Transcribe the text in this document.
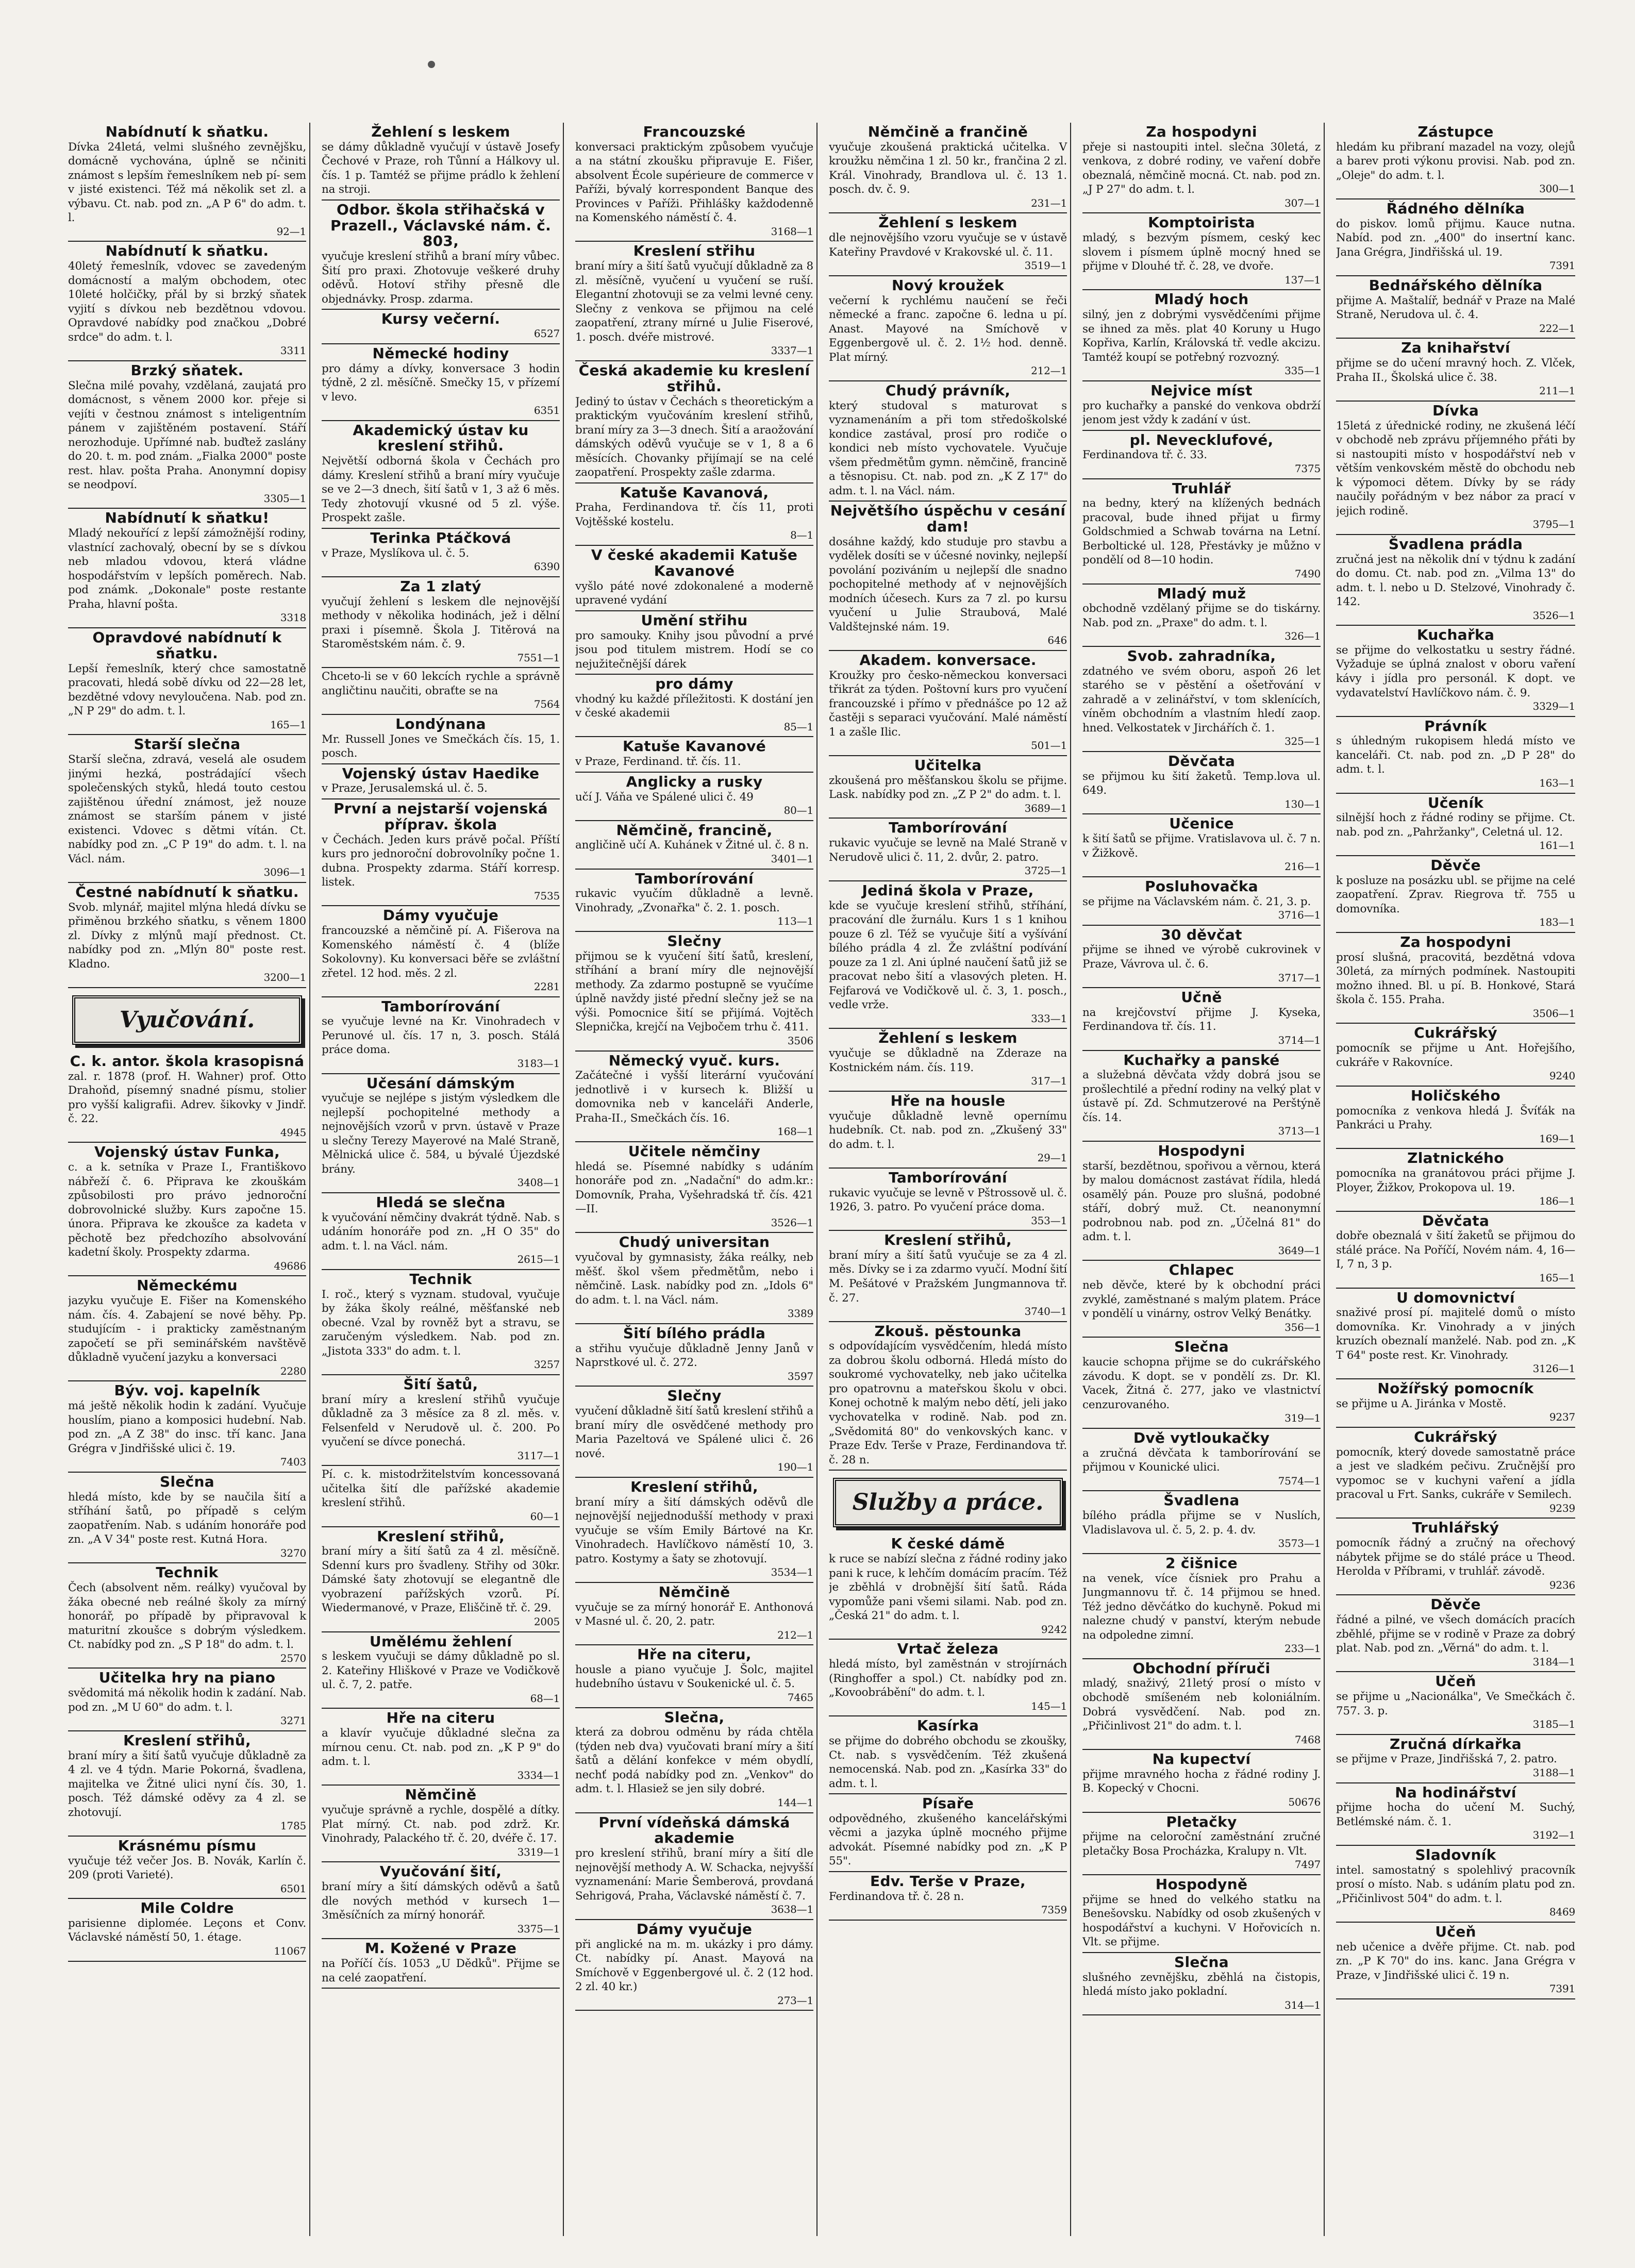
Nabídnutí k sňatku.
Dívka 24letá, velmi slušného zevnějšku, domácně vychována, úplně se nčiniti známost s lepším řemeslníkem neb pí- sem v jisté existenci. Též má několik set zl. a výbavu. Ct. nab. pod zn. „A P 6" do adm. t. l.
92—1
Nabídnutí k sňatku.
40letý řemeslník, vdovec se zavedeným domácností a malým obchodem, otec 10leté holčičky, přál by si brzký sňatek vyjití s dívkou neb bezdětnou vdovou. Opravdové nabídky pod značkou „Dobré srdce" do adm. t. l.
3311
Brzký sňatek.
Slečna milé povahy, vzdělaná, zaujatá pro domácnost, s věnem 2000 kor. přeje si vejíti v čestnou známost s inteligentním pánem v zajištěném postavení. Stáří nerozhoduje. Upřímné nab. buďtež zaslány do 20. t. m. pod znám. „Fialka 2000" poste rest. hlav. pošta Praha. Anonymní dopisy se neodpoví.
3305—1
Nabídnutí k sňatku!
Mladý nekouřící z lepší zámožnější rodiny, vlastnící zachovalý, obecní by se s dívkou neb mladou vdovou, která vládne hospodářstvím v lepších poměrech. Nab. pod známk. „Dokonale" poste restante Praha, hlavní pošta.
3318
Opravdové nabídnutí k sňatku.
Lepší řemeslník, který chce samostatně pracovati, hledá sobě dívku od 22—28 let, bezdětné vdovy nevyloučena. Nab. pod zn. „N P 29" do adm. t. l.
165—1
Starší slečna
Starší slečna, zdravá, veselá ale osudem jinými hezká, postrádající všech společenských styků, hledá touto cestou zajištěnou úřední známost, jež nouze známost se starším pánem v jisté existenci. Vdovec s dětmi vítán. Ct. nabídky pod zn. „C P 19" do adm. t. l. na Václ. nám.
3096—1
Čestné nabídnutí k sňatku.
Svob. mlynář, majitel mlýna hledá dívku se přiměnou brzkého sňatku, s věnem 1800 zl. Dívky z mlýnů mají přednost. Ct. nabídky pod zn. „Mlýn 80" poste rest. Kladno.
3200—1
Vyučování.
C. k. antor. škola krasopisná
zal. r. 1878 (prof. H. Wahner) prof. Otto Drahoňd, písemný snadné písmu, stolier pro vyšší kaligrafii. Adrev. šikovky v Jindř. č. 22.
4945
Vojenský ústav Funka,
c. a k. setníka v Praze I., Františkovo nábřeží č. 6. Připrava ke zkouškám způsobilosti pro právo jednoroční dobrovolnické služby. Kurs započne 15. února. Připrava ke zkoušce za kadeta v pěchotě bez předchozího absolvování kadetní školy. Prospekty zdarma.
49686
Německému
jazyku vyučuje E. Fišer na Komenského nám. čís. 4. Zabajení se nové běhy. Pp. studujícím - i prakticky zaměstnaným započetí se při seminářském navštěvě důkladně vyučení jazyku a konversaci
2280
Býv. voj. kapelník
má ještě několik hodin k zadání. Vyučuje houslím, piano a komposici hudební. Nab. pod zn. „A Z 38" do insc. tří kanc. Jana Grégra v Jindřišské ulici č. 19.
7403
Slečna
hledá místo, kde by se naučila šití a stříhání šatů, po případě s celým zaopatřením. Nab. s udáním honoráře pod zn. „A V 34" poste rest. Kutná Hora.
3270
Technik
Čech (absolvent něm. reálky) vyučoval by žáka obecné neb reálné školy za mírný honorář, po případě by připravoval k maturitní zkoušce s dobrým výsledkem. Ct. nabídky pod zn. „S P 18" do adm. t. l.
2570
Učitelka hry na piano
svědomitá má několik hodin k zadání. Nab. pod zn. „M U 60" do adm. t. l.
3271
Kreslení střihů,
braní míry a šití šatů vyučuje důkladně za 4 zl. ve 4 týdn. Marie Pokorná, švadlena, majitelka ve Žitné ulici nyní čís. 30, 1. posch. Též dámské oděvy za 4 zl. se zhotovují.
1785
Krásnému písmu
vyučuje též večer Jos. B. Novák, Karlín č. 209 (proti Varieté).
6501
Mile Coldre
parisienne diplomée. Leçons et Conv. Václavské náměstí 50, 1. étage.
11067
Žehlení s leskem
se dámy důkladně vyučují v ústavě Josefy Čechové v Praze, roh Tůnní a Hálkovy ul. čís. 1 p. Tamtéž se přijme prádlo k žehlení na stroji.
Odbor. škola střihačská v Prazell., Václavské nám. č. 803,
vyučuje kreslení střihů a braní míry vůbec. Šití pro praxi. Zhotovuje veškeré druhy oděvů. Hotoví střihy přesně dle objednávky. Prosp. zdarma.
Kursy večerní.
6527
Německé hodiny
pro dámy a dívky, konversace 3 hodin týdně, 2 zl. měsíčně. Smečky 15, v přízemí v levo.
6351
Akademický ústav ku kreslení střihů.
Největší odborná škola v Čechách pro dámy. Kreslení střihů a braní míry vyučuje se ve 2—3 dnech, šití šatů v 1, 3 až 6 měs. Tedy zhotovují vkusné od 5 zl. výše. Prospekt zašle.
Terinka Ptáčková
v Praze, Myslíkova ul. č. 5.
6390
Za 1 zlatý
vyučují žehlení s leskem dle nejnovější methody v několika hodinách, jež i dělní praxi i písemně. Škola J. Titěrová na Staroměstském nám. č. 9.
7551—1
Chceto-li se v 60 lekcích rychle a správně angličtinu naučiti, obraťte se na
7564
Londýnana
Mr. Russell Jones ve Smečkách čís. 15, 1. posch.
Vojenský ústav Haedike
v Praze, Jerusalemská ul. č. 5.
První a nejstarší vojenská příprav. škola
v Čechách. Jeden kurs právě počal. Příští kurs pro jednoroční dobrovolníky počne 1. dubna. Prospekty zdarma. Stáří korresp. listek.
7535
Dámy vyučuje
francouzské a němčině pí. A. Fišerova na Komenského náměstí č. 4 (blíže Sokolovny). Ku konversaci běře se zvláštní zřetel. 12 hod. měs. 2 zl.
2281
Tamborírování
se vyučuje levné na Kr. Vinohradech v Perunové ul. čís. 17 n, 3. posch. Stálá práce doma.
3183—1
Učesání dámským
vyučuje se nejlépe s jistým výsledkem dle nejlepší pochopitelné methody a nejnovějších vzorů v prvn. ústavě v Praze u slečny Terezy Mayerové na Malé Straně, Mělnická ulice č. 584, u bývalé Újezdské brány.
3408—1
Hledá se slečna
k vyučování němčiny dvakrát týdně. Nab. s udáním honoráře pod zn. „H O 35" do adm. t. l. na Václ. nám.
2615—1
Technik
I. roč., který s vyznam. studoval, vyučuje by žáka školy reálné, měšťanské neb obecné. Vzal by rovněž byt a stravu, se zaručeným výsledkem. Nab. pod zn. „Jistota 333" do adm. t. l.
3257
Šití šatů,
braní míry a kreslení střihů vyučuje důkladně za 3 měsíce za 8 zl. měs. v. Felsenfeld v Nerudově ul. č. 200. Po vyučení se dívce ponechá.
3117—1
Pí. c. k. mistodržitelstvím koncessovaná učitelka šití dle pařížské akademie kreslení střihů.
60—1
Kreslení střihů,
braní míry a šití šatů za 4 zl. měsíčně. Sdenní kurs pro švadleny. Střihy od 30kr. Dámské šaty zhotovují se elegantně dle vyobrazení pařížských vzorů. Pí. Wiedermanové, v Praze, Eliščině tř. č. 29.
2005
Umělému žehlení
s leskem vyučuji se dámy důkladně po sl. 2. Kateřiny Hliškové v Praze ve Vodičkově ul. č. 7, 2. patře.
68—1
Hře na citeru
a klavír vyučuje důkladné slečna za mírnou cenu. Ct. nab. pod zn. „K P 9" do adm. t. l.
3334—1
Němčině
vyučuje správně a rychle, dospělé a dítky. Plat mírný. Ct. nab. pod zdrž. Kr. Vinohrady, Palackého tř. č. 20, dvéře č. 17.
3319—1
Vyučování šití,
braní míry a šití dámských oděvů a šatů dle nových methód v kursech 1—3měsíčních za mírný honorář.
3375—1
M. Kožené v Praze
na Poříčí čís. 1053 „U Dědků". Přijme se na celé zaopatření.
Francouzské
konversaci praktickým způsobem vyučuje a na státní zkoušku připravuje E. Fišer, absolvent École supérieure de commerce v Paříži, bývalý korrespondent Banque des Provinces v Paříži. Přihlášky každodenně na Komenského náměstí č. 4.
3168—1
Kreslení střihu
braní míry a šití šatů vyučují důkladně za 8 zl. měsíčně, vyučení u vyučení se ruší. Elegantní zhotovuji se za velmi levné ceny. Slečny z venkova se přijmou na celé zaopatření, ztrany mírné u Julie Fiserové, 1. posch. dvéře mistrové.
3337—1
Česká akademie ku kreslení střihů.
Jediný to ústav v Čechách s theoretickým a praktickým vyučováním kreslení střihů, braní míry za 3—3 dnech. Šití a araožování dámských oděvů vyučuje se v 1, 8 a 6 měsících. Chovanky přijímají se na celé zaopatření. Prospekty zašle zdarma.
Katuše Kavanová,
Praha, Ferdinandova tř. čís 11, proti Vojtěšské kostelu.
8—1
V české akademii Katuše Kavanové
vyšlo páté nové zdokonalené a moderně upravené vydání
Umění střihu
pro samouky. Knihy jsou původní a prvé jsou pod titulem mistrem. Hodí se co nejužitečnější dárek
pro dámy
vhodný ku každé příležitosti. K dostání jen v české akademii
85—1
Katuše Kavanové
v Praze, Ferdinand. tř. čís. 11.
Anglicky a rusky
učí J. Váňa ve Spálené ulici č. 49
80—1
Němčině, francině,
angličině učí A. Kuhánek v Žitné ul. č. 8 n.
3401—1
Tamborírování
rukavic vyučím důkladně a levně. Vinohrady, „Zvonařka" č. 2. 1. posch.
113—1
Slečny
přijmou se k vyučení šití šatů, kreslení, stříhání a braní míry dle nejnovější methody. Za zdarmo postupně se vyučíme úplně navždy jisté přední slečny jež se na výši. Pomocnice šití se přijímá. Vojtěch Slepnička, krejčí na Vejbočem trhu č. 411.
3506
Německý vyuč. kurs.
Začátečné i vyšší literární vyučování jednotlivě i v kursech k. Bližší u domovnika neb v kanceláři Anderle, Praha-II., Smečkách čís. 16.
168—1
Učitele němčiny
hledá se. Písemné nabídky s udáním honoráře pod zn. „Nadační" do adm.kr.: Domovník, Praha, Vyšehradská tř. čís. 421—II.
3526—1
Chudý universitan
vyučoval by gymnasisty, žáka reálky, neb měšť. škol všem předmětům, nebo i němčině. Lask. nabídky pod zn. „Idols 6" do adm. t. l. na Václ. nám.
3389
Šití bílého prádla
a střihu vyučuje důkladně Jenny Janů v Naprstkové ul. č. 272.
3597
Slečny
vyučení důkladně šití šatů kreslení střihů a braní míry dle osvědčené methody pro Maria Pazeltová ve Spálené ulici č. 26 nové.
190—1
Kreslení střihů,
braní míry a šití dámských oděvů dle nejnovější nejjednodušší methody v praxi vyučuje se vším Emily Bártové na Kr. Vinohradech. Havlíčkovo náměstí 10, 3. patro. Kostymy a šaty se zhotovují.
3534—1
Němčině
vyučuje se za mírný honorář E. Anthonová v Masné ul. č. 20, 2. patr.
212—1
Hře na citeru,
housle a piano vyučuje J. Šolc, majitel hudebního ústavu v Soukenické ul. č. 5.
7465
Slečna,
která za dobrou odměnu by ráda chtěla (týden neb dva) vyučovati braní míry a šití šatů a dělání konfekce v mém obydlí, nechť podá nabídky pod zn. „Venkov" do adm. t. l. Hlasiež se jen sily dobré.
144—1
První vídeňská dámská akademie
pro kreslení střihů, braní míry a šití dle nejnovější methody A. W. Schacka, nejvyšší vyznamenání: Marie Šemberová, provdaná Sehrigová, Praha, Václavské náměstí č. 7.
3638—1
Dámy vyučuje
při anglické na m. m. ukázky i pro dámy. Ct. nabídky pí. Anast. Mayová na Smíchově v Eggenbergové ul. č. 2 (12 hod. 2 zl. 40 kr.)
273—1
Němčině a frančině
vyučuje zkoušená praktická učitelka. V kroužku němčina 1 zl. 50 kr., frančina 2 zl. Král. Vinohrady, Brandlova ul. č. 13 1. posch. dv. č. 9.
231—1
Žehlení s leskem
dle nejnovějšího vzoru vyučuje se v ústavě Kateřiny Pravdové v Krakovské ul. č. 11.
3519—1
Nový kroužek
večerní k rychlému naučení se řeči německé a franc. započne 6. ledna u pí. Anast. Mayové na Smíchově v Eggenbergově ul. č. 2. 1½ hod. denně. Plat mírný.
212—1
Chudý právník,
který studoval s maturovat s vyznamenáním a při tom středoškolské kondice zastával, prosí pro rodiče o kondici neb místo vychovatele. Vyučuje všem předmětům gymn. němčině, francině a těsnopisu. Ct. nab. pod zn. „K Z 17" do adm. t. l. na Václ. nám.
Největšího úspěchu v cesání dam!
dosáhne každý, kdo studuje pro stavbu a vydělek dosíti se v účesné novinky, nejlepší povolání poziváním u nejlepší dle snadno pochopitelné methody ať v nejnovějších modních účesech. Kurs za 7 zl. po kursu vyučení u Julie Straubová, Malé Valdštejnské nám. 19.
646
Akadem. konversace.
Kroužky pro česko-německou konversaci třikrát za týden. Poštovní kurs pro vyučení francouzské i přímo v přednášce po 12 až častěji s separaci vyučování. Malé náměstí 1 a zašle Ilic.
501—1
Učitelka
zkoušená pro měšťanskou školu se přijme. Lask. nabídky pod zn. „Z P 2" do adm. t. l.
3689—1
Tamborírování
rukavic vyučuje se levně na Malé Straně v Nerudově ulici č. 11, 2. dvůr, 2. patro.
3725—1
Jediná škola v Praze,
kde se vyučuje kreslení střihů, stříhání, pracování dle žurnálu. Kurs 1 s 1 knihou pouze 6 zl. Též se vyučuje šití a vyšívání bílého prádla 4 zl. Že zvláštní podívání pouze za 1 zl. Ani úplné naučení šatů již se pracovat nebo šití a vlasových pleten. H. Fejfarová ve Vodičkově ul. č. 3, 1. posch., vedle vrže.
333—1
Žehlení s leskem
vyučuje se důkladně na Zderaze na Kostnickém nám. čís. 119.
317—1
Hře na housle
vyučuje důkladně levně opernímu hudebník. Ct. nab. pod zn. „Zkušený 33" do adm. t. l.
29—1
Tamborírování
rukavic vyučuje se levně v Pštrossově ul. č. 1926, 3. patro. Po vyučení práce doma.
353—1
Kreslení střihů,
braní míry a šití šatů vyučuje se za 4 zl. měs. Dívky se i za zdarmo vyučí. Modní šití M. Pešátové v Pražském Jungmannova tř. č. 27.
3740—1
Zkouš. pěstounka
s odpovídajícím vysvědčením, hledá místo za dobrou školu odborná. Hledá místo do soukromé vychovatelky, neb jako učitelka pro opatrovnu a mateřskou školu v obci. Konej ochotně k malým nebo dětí, jeli jako vychovatelka v rodině. Nab. pod zn. „Svědomitá 80" do venkovských kanc. v Praze Edv. Terše v Praze, Ferdinandova tř. č. 28 n.
Služby a práce.
K české dámě
k ruce se nabízí slečna z řádné rodiny jako pani k ruce, k lehčím domácím pracím. Též je zběhlá v drobnější šití šatů. Ráda vypomůže pani všemi silami. Nab. pod zn. „Česká 21" do adm. t. l.
9242
Vrtač železa
hledá místo, byl zaměstnán v strojírnách (Ringhoffer a spol.) Ct. nabídky pod zn. „Kovoobrábění" do adm. t. l.
145—1
Kasírka
se přijme do dobrého obchodu se zkoušky, Ct. nab. s vysvědčením. Též zkušená nemocenská. Nab. pod zn. „Kasírka 33" do adm. t. l.
Písaře
odpovědného, zkušeného kancelářskými věcmi a jazyka úplně mocného přijme advokát. Písemné nabídky pod zn. „K P 55".
Edv. Terše v Praze,
Ferdinandova tř. č. 28 n.
7359
Za hospodyni
přeje si nastoupiti intel. slečna 30letá, z venkova, z dobré rodiny, ve vaření dobře obeznalá, němčině mocná. Ct. nab. pod zn. „J P 27" do adm. t. l.
307—1
Komptoiristа
mladý, s bezvým písmem, ceský kec slovem i písmem úplně mocný hned se přijme v Dlouhé tř. č. 28, ve dvoře.
137—1
Mladý hoch
silný, jen z dobrými vysvědčeními přijme se ihned za měs. plat 40 Koruny u Hugo Kopřiva, Karlín, Královská tř. vedle akcizu. Tamtéž koupí se potřebný rozvozný.
335—1
Nejvice míst
pro kuchařky a panské do venkova obdrží jenom jest vždy k zadání v úst.
pl. Nevecklufové,
Ferdinandova tř. č. 33.
7375
Truhlář
na bedny, který na klížených bednách pracoval, bude ihned přijat u firmy Goldschmied a Schwab továrna na Letní. Berboltické ul. 128, Přestávky je můžno v pondělí od 8—10 hodin.
7490
Mladý muž
obchodně vzdělaný přijme se do tiskárny. Nab. pod zn. „Praxe" do adm. t. l.
326—1
Svob. zahradníka,
zdatného ve svém oboru, aspoň 26 let starého se v pěstění a ošetřování v zahradě a v zelinářství, v tom sklenících, víněm obchodním a vlastním hledí zaop. hned. Velkostatek v Jirchářích č. 1.
325—1
Děvčata
se přijmou ku šití žaketů. Temp.lova ul. 649.
130—1
Učenice
k šití šatů se přijme. Vratislavova ul. č. 7 n. v Žižkově.
216—1
Posluhovačka
se přijme na Václavském nám. č. 21, 3. p.
3716—1
30 děvčat
přijme se ihned ve výrobě cukrovinek v Praze, Vávrova ul. č. 6.
3717—1
Učně
na krejčovství přijme J. Kyseka, Ferdinandova tř. čís. 11.
3714—1
Kuchařky a panské
a služebná děvčata vždy dobrá jsou se prošlechtilé a přední rodiny na velký plat v ústavě pí. Zd. Schmutzerové na Perštýně čís. 14.
3713—1
Hospodyni
starší, bezdětnou, spořivou a věrnou, která by malou domácnost zastávat řídila, hledá osamělý pán. Pouze pro slušná, podobné stáří, dobrý muž. Ct. neanonymní podrobnou nab. pod zn. „Účelná 81" do adm. t. l.
3649—1
Chlapec
neb děvče, které by k obchodní práci zvyklé, zaměstnané s malým platem. Práce v pondělí u vinárny, ostrov Velký Benátky.
356—1
Slečna
kaucie schopna přijme se do cukrářského závodu. K dopt. se v pondělí zs. Dr. Kl. Vacek, Žitná č. 277, jako ve vlastnictví cenzurovaného.
319—1
Dvě vytloukačky
a zručná děvčata k tamborírování se přijmou v Kounické ulici.
7574—1
Švadlena
bílého prádla přijme se v Nuslích, Vladislavova ul. č. 5, 2. p. 4. dv.
3573—1
2 čišnice
na venek, více čísniek pro Prahu a Jungmannovu tř. č. 14 přijmou se hned. Též jedno děvčátko do kuchyně. Pokud mi nalezne chudý v panství, kterým nebude na odpoledne zimní.
233—1
Obchodní příruči
mladý, snaživý, 21letý prosí o místo v obchodě smíšeném neb koloniálním. Dobrá vysvědčení. Nab. pod zn. „Přičinlivost 21" do adm. t. l.
7468
Na kupectví
přijme mravného hocha z řádné rodiny J. B. Kopecký v Chocni.
50676
Pletačky
přijme na celoroční zaměstnání zručné pletačky Bosa Procházka, Kralupy n. Vlt.
7497
Hospodyně
přijme se hned do velkého statku na Benešovsku. Nabídky od osob zkušených v hospodářství a kuchyni. V Hořovicích n. Vlt. se přijme.
Slečna
slušného zevnějšku, zběhlá na čistopis, hledá místo jako pokladní.
314—1
Zástupce
hledám ku přibraní mazadel na vozy, olejů a barev proti výkonu provisi. Nab. pod zn. „Oleje" do adm. t. l.
300—1
Řádného dělníka
do piskov. lomů přijmu. Kauce nutna. Nabíd. pod zn. „400" do insertní kanc. Jana Grégra, Jindřišská ul. 19.
7391
Bednářského dělníka
přijme A. Maštalíř, bednář v Praze na Malé Straně, Nerudova ul. č. 4.
222—1
Za knihařství
přijme se do učení mravný hoch. Z. Vlček, Praha II., Školská ulice č. 38.
211—1
Dívka
15letá z úřednické rodiny, ne zkušená léčí v obchodě neb zprávu příjemného přáti by si nastoupiti místo v hospodářství neb v větším venkovském městě do obchodu neb k výpomoci dětem. Dívky by se rády naučily pořádným v bez nábor za prací v jejich rodině.
3795—1
Švadlena prádla
zručná jest na několik dní v týdnu k zadání do domu. Ct. nab. pod zn. „Vilma 13" do adm. t. l. nebo u D. Stelzové, Vinohrady č. 142.
3526—1
Kuchařka
se přijme do velkostatku u sestry řádné. Vyžaduje se úplná znalost v oboru vaření kávy i jídla pro personál. K dopt. ve vydavatelství Havlíčkovo nám. č. 9.
3329—1
Právník
s úhledným rukopisem hledá místo ve kanceláři. Ct. nab. pod zn. „D P 28" do adm. t. l.
163—1
Učeník
silnější hoch z řádné rodiny se přijme. Ct. nab. pod zn. „Pahržanky", Celetná ul. 12.
161—1
Děvče
k posluze na posázku ubl. se přijme na celé zaopatření. Zprav. Riegrova tř. 755 u domovníka.
183—1
Za hospodyni
prosí slušná, pracovitá, bezdětná vdova 30letá, za mírných podmínek. Nastoupiti možno ihned. Bl. u pí. B. Honkové, Stará škola č. 155. Praha.
3506—1
Cukrářský
pomocník se přijme u Ant. Hořejšího, cukráře v Rakovníce.
9240
Holičského
pomocníka z venkova hledá J. Švíťák na Pankráci u Prahy.
169—1
Zlatnického
pomocníka na granátovou práci přijme J. Ployer, Žižkov, Prokopova ul. 19.
186—1
Děvčata
dobře obeznalá v šití žaketů se přijmou do stálé práce. Na Poříčí, Novém nám. 4, 16—I, 7 n, 3 p.
165—1
U domovnictví
snaživé prosí pí. majitelé domů o místo domovníka. Kr. Vinohrady a v jiných kruzích obeznalí manželé. Nab. pod zn. „K T 64" poste rest. Kr. Vinohrady.
3126—1
Nožířský pomocník
se přijme u A. Jiránka v Mostě.
9237
Cukrářský
pomocník, který dovede samostatně práce a jest ve sladkém pečivu. Zručnější pro vypomoc se v kuchyni vaření a jídla pracoval u Frt. Sanks, cukráře v Semilech.
9239
Truhlářský
pomocník řádný a zručný na ořechový nábytek přijme se do stálé práce u Theod. Herolda v Příbrami, v truhlář. závodě.
9236
Děvče
řádné a pilné, ve všech domácích pracích zběhlé, přijme se v rodině v Praze za dobrý plat. Nab. pod zn. „Věrná" do adm. t. l.
3184—1
Učeň
se přijme u „Nacionálka", Ve Smečkách č. 757. 3. p.
3185—1
Zručná dírkařka
se přijme v Praze, Jindřišská 7, 2. patro.
3188—1
Na hodinářství
přijme hocha do učení M. Suchý, Betlémské nám. č. 1.
3192—1
Sladovník
intel. samostatný s spolehlivý pracovník prosí o místo. Nab. s udáním platu pod zn. „Přičinlivost 504" do adm. t. l.
8469
Učeň
neb učenice a dvěře přijme. Ct. nab. pod zn. „P K 70" do ins. kanc. Jana Grégra v Praze, v Jindřišské ulici č. 19 n.
7391
